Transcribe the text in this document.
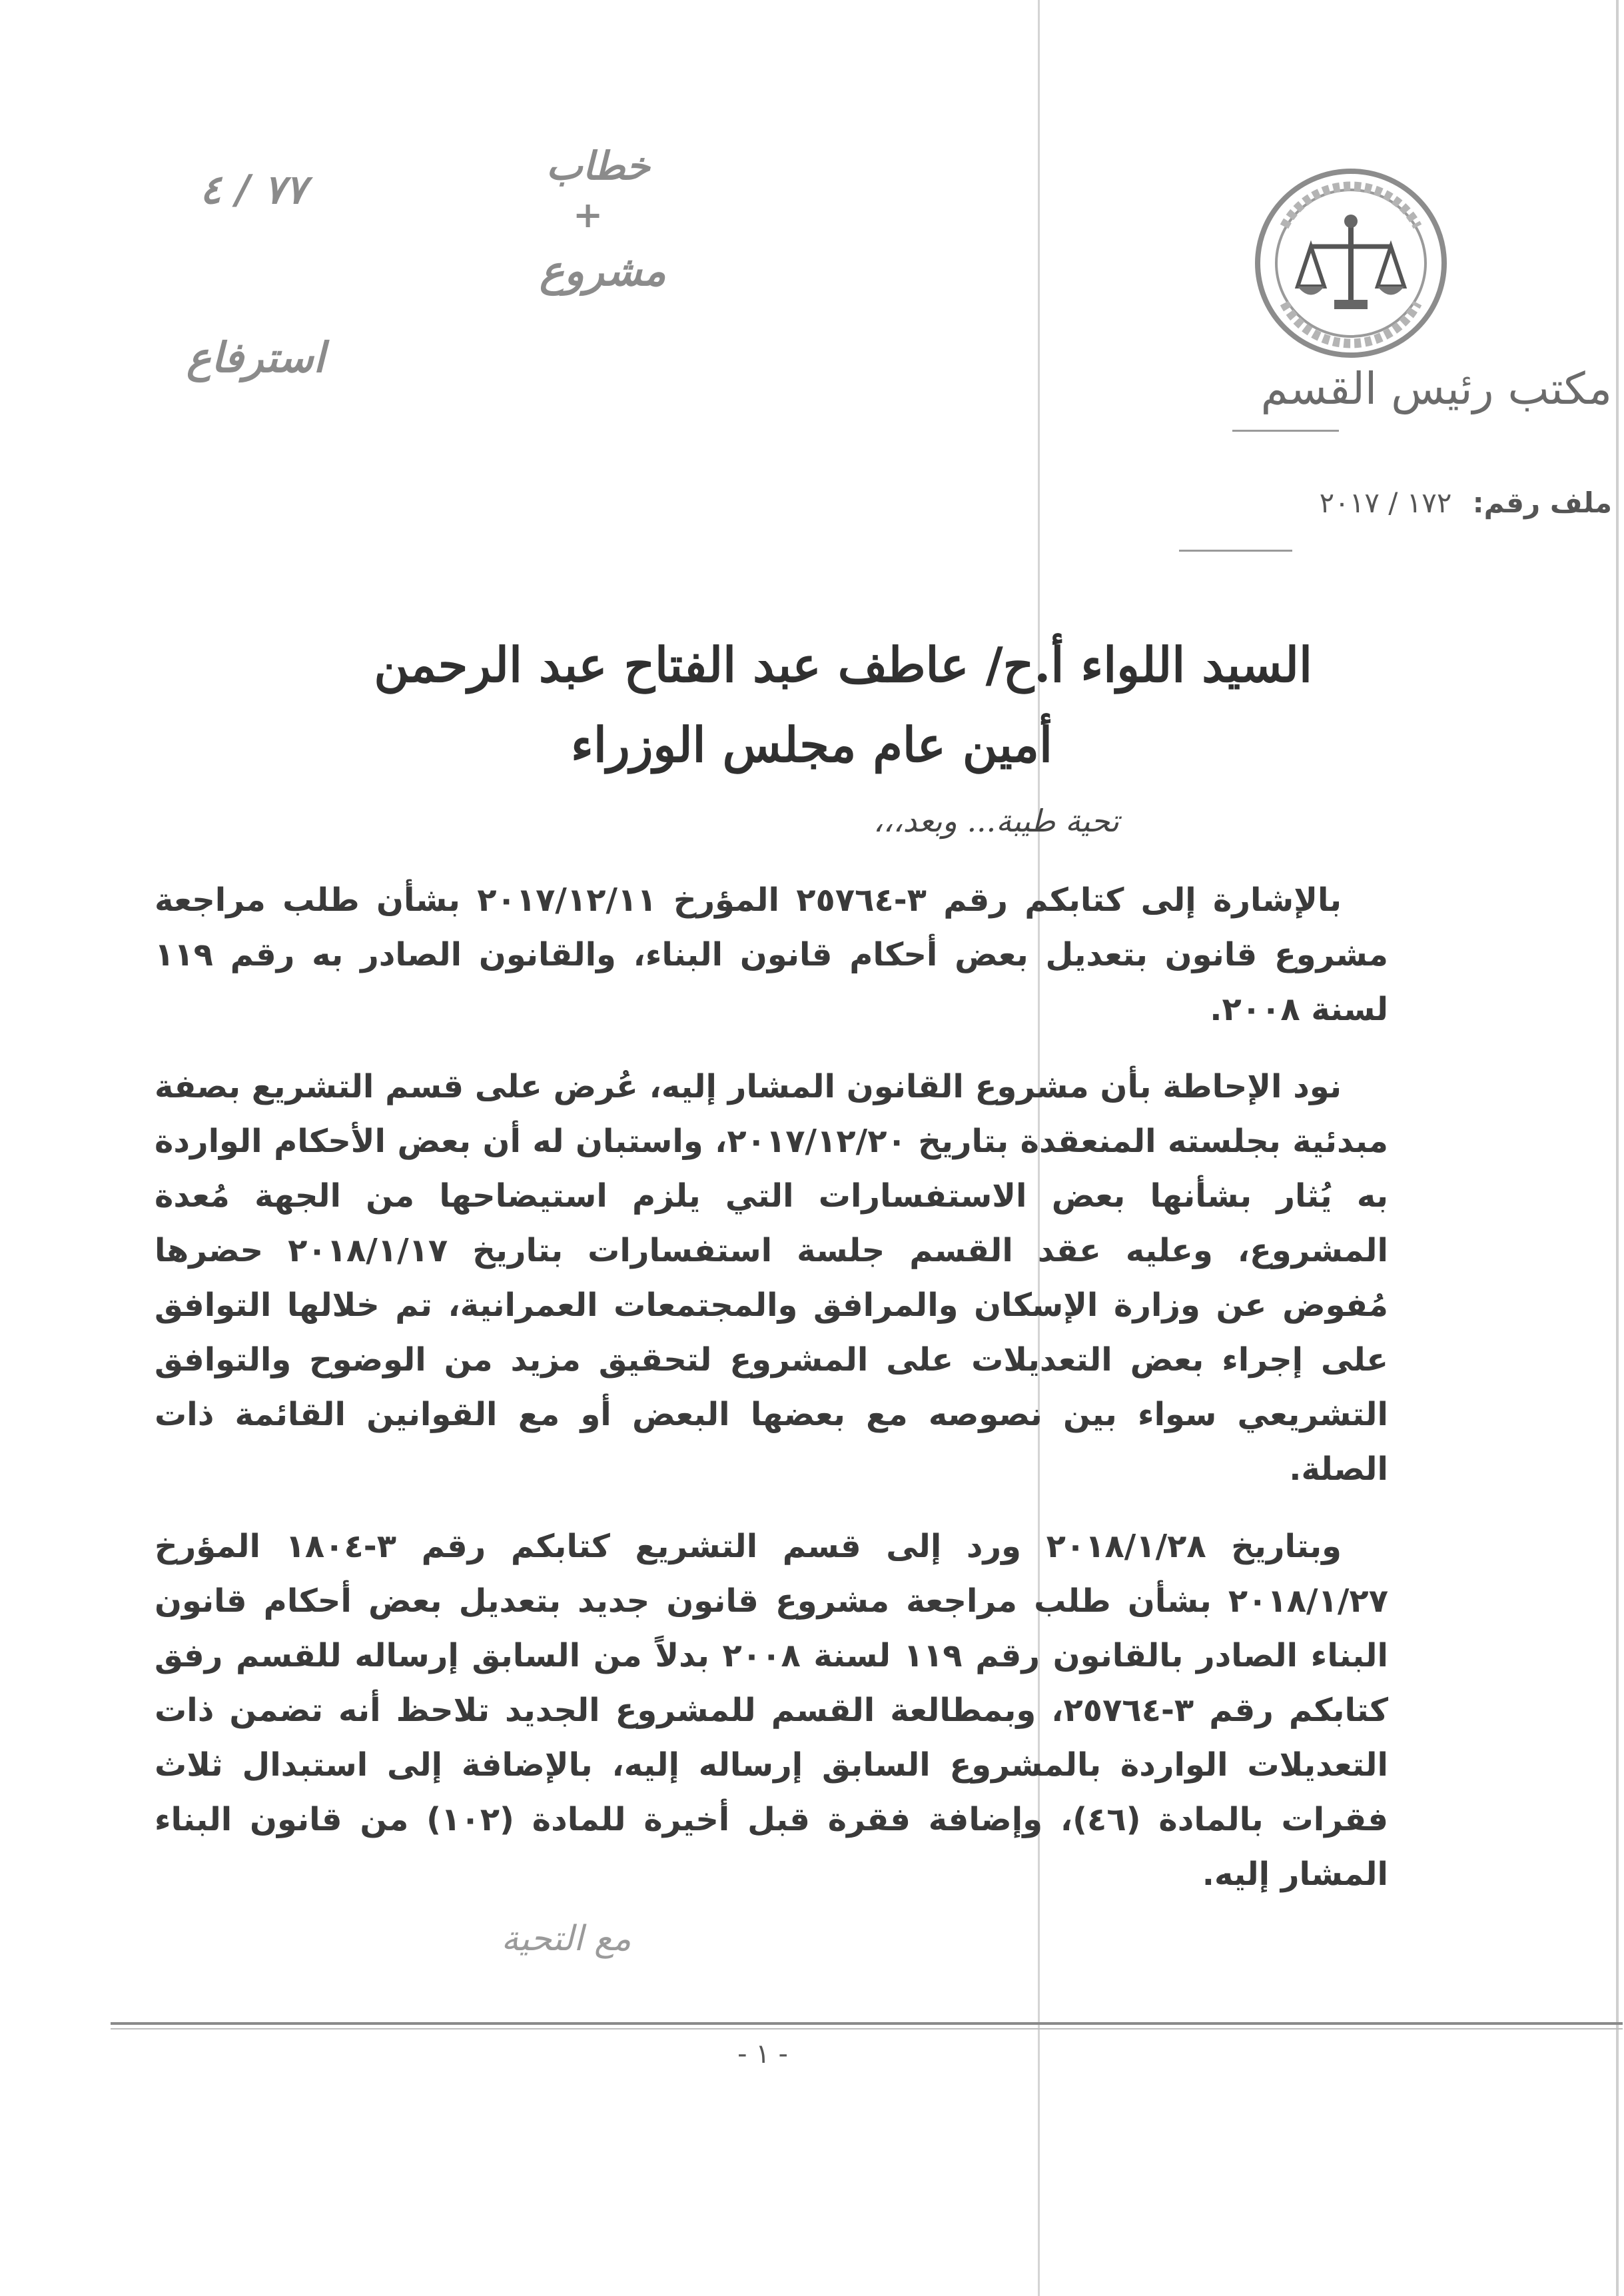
خطاب
+
مشروع
٧٧ / ٤
استرفاع
مكتب رئيس القسم
ملف رقم: ١٧٢ / ٢٠١٧
السيد اللواء أ.ح/ عاطف عبد الفتاح عبد الرحمن
أمين عام مجلس الوزراء
تحية طيبة... وبعد،،،

بالإشارة إلى كتابكم رقم ٣-٢٥٧٦٤ المؤرخ ٢٠١٧/١٢/١١ بشأن طلب مراجعة مشروع قانون بتعديل بعض أحكام قانون البناء، والقانون الصادر به رقم ١١٩ لسنة ٢٠٠٨.

نود الإحاطة بأن مشروع القانون المشار إليه، عُرض على قسم التشريع بصفة مبدئية بجلسته المنعقدة بتاريخ ٢٠١٧/١٢/٢٠، واستبان له أن بعض الأحكام الواردة به يُثار بشأنها بعض الاستفسارات التي يلزم استيضاحها من الجهة مُعدة المشروع، وعليه عقد القسم جلسة استفسارات بتاريخ ٢٠١٨/١/١٧ حضرها مُفوض عن وزارة الإسكان والمرافق والمجتمعات العمرانية، تم خلالها التوافق على إجراء بعض التعديلات على المشروع لتحقيق مزيد من الوضوح والتوافق التشريعي سواء بين نصوصه مع بعضها البعض أو مع القوانين القائمة ذات الصلة.

وبتاريخ ٢٠١٨/١/٢٨ ورد إلى قسم التشريع كتابكم رقم ٣-١٨٠٤ المؤرخ ٢٠١٨/١/٢٧ بشأن طلب مراجعة مشروع قانون جديد بتعديل بعض أحكام قانون البناء الصادر بالقانون رقم ١١٩ لسنة ٢٠٠٨ بدلاً من السابق إرساله للقسم رفق كتابكم رقم ٣-٢٥٧٦٤، وبمطالعة القسم للمشروع الجديد تلاحظ أنه تضمن ذات التعديلات الواردة بالمشروع السابق إرساله إليه، بالإضافة إلى استبدال ثلاث فقرات بالمادة (٤٦)، وإضافة فقرة قبل أخيرة للمادة (١٠٢) من قانون البناء المشار إليه.

مع التحية
- ١ -
